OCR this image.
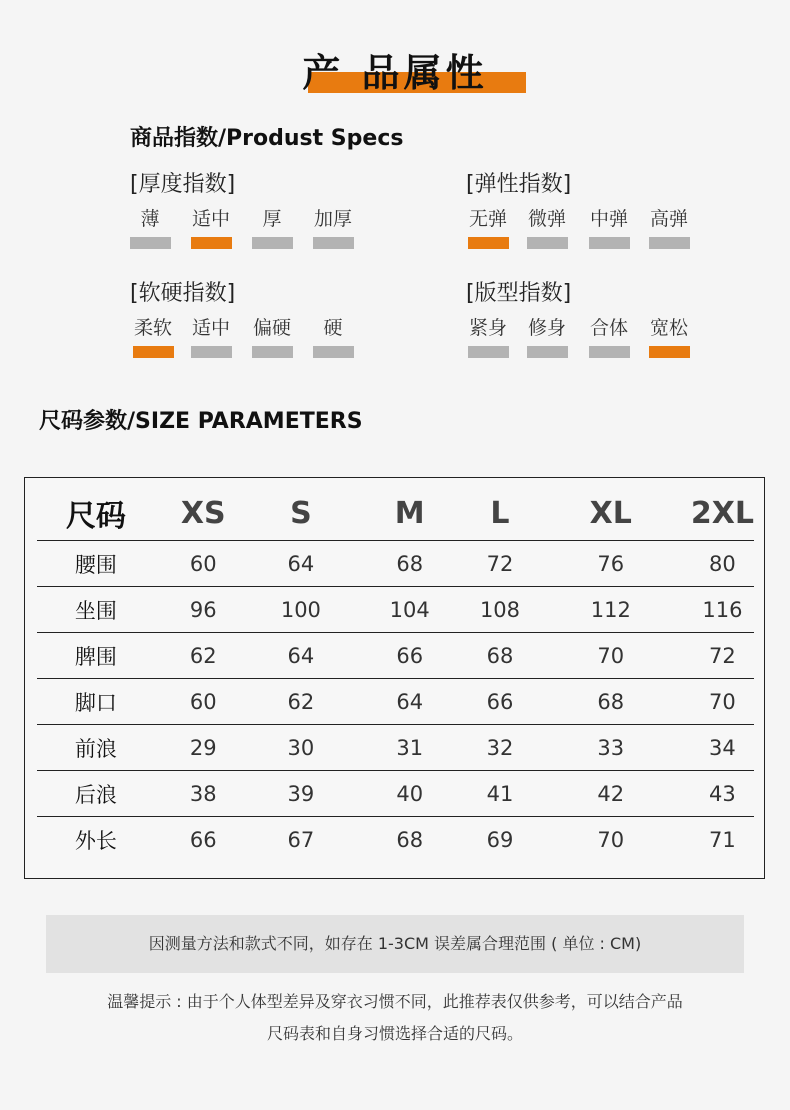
产 品属性
商品指数/Produst Specs
[厚度指数]
薄	适中	厚	加厚
[弹性指数]
无弹	微弹	中弹	高弹
[软硬指数]
柔软	适中	偏硬	硬
[版型指数]
紧身	修身	合体	宽松
尺码参数/SIZE PARAMETERS
尺码	XS	S	M	L	XL	2XL
腰围	60	64	68	72	76	80
坐围	96	100	104	108	112	116
脾围	62	64	66	68	70	72
脚口	60	62	64	66	68	70
前浪	29	30	31	32	33	34
后浪	38	39	40	41	42	43
外长	66	67	68	69	70	71
因测量方法和款式不同，如存在 1-3CM 误差属合理范围 ( 单位 : CM)
温馨提示 : 由于个人体型差异及穿衣习惯不同，此推荐表仅供参考，可以结合产品
尺码表和自身习惯选择合适的尺码。
